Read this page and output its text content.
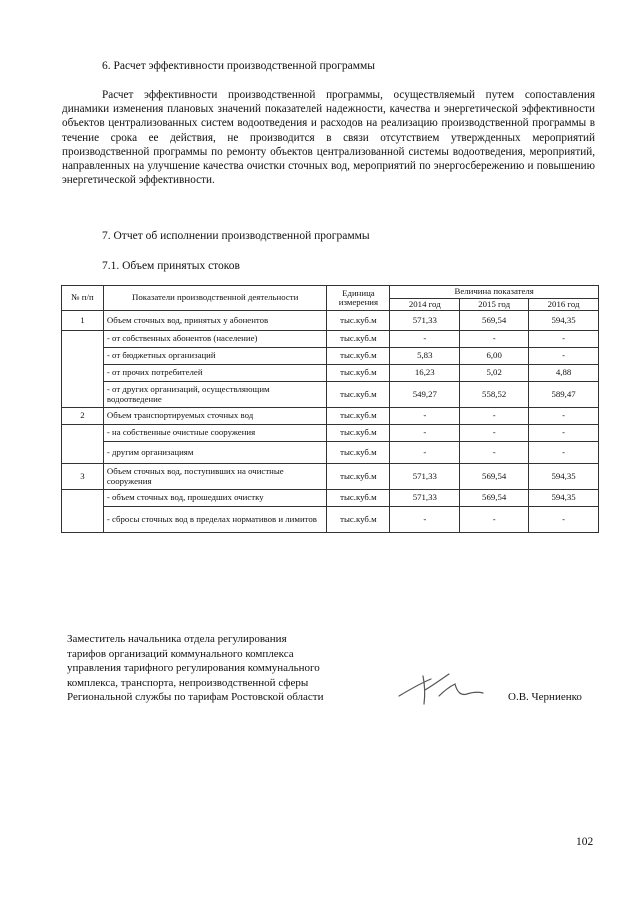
6. Расчет эффективности производственной программы
Расчет эффективности производственной программы, осуществляемый путем сопоставления динамики изменения плановых значений показателей надежности, качества и энергетической эффективности объектов централизованных систем водоотведения и расходов на реализацию производственной программы в течение срока ее действия, не производится в связи отсутствием утвержденных мероприятий производственной программы по ремонту объектов централизованной системы водоотведения, мероприятий, направленных на улучшение качества очистки сточных вод, мероприятий по энергосбережению и повышению энергетической эффективности.
7. Отчет об исполнении производственной программы
7.1. Объем принятых стоков
№ п/п	Показатели производственной деятельности	Единица измерения	Величина показателя		
			2014 год	2015 год	2016 год
1	Объем сточных вод, принятых у абонентов	тыс.куб.м	571,33	569,54	594,35
	- от собственных абонентов (население)	тыс.куб.м	-	-	-
	- от бюджетных организаций	тыс.куб.м	5,83	6,00	-
	- от прочих потребителей	тыс.куб.м	16,23	5,02	4,88
	- от других организаций, осуществляющим водоотведение	тыс.куб.м	549,27	558,52	589,47
2	Объем транспортируемых сточных вод	тыс.куб.м	-	-	-
	- на собственные очистные сооружения	тыс.куб.м	-	-	-
	- другим организациям	тыс.куб.м	-	-	-
3	Объем сточных вод, поступивших на очистные сооружения	тыс.куб.м	571,33	569,54	594,35
	- объем сточных вод, прошедших очистку	тыс.куб.м	571,33	569,54	594,35
	- сбросы сточных вод в пределах нормативов и лимитов	тыс.куб.м	-	-	-
Заместитель начальника отдела регулирования
тарифов организаций коммунального комплекса
управления тарифного регулирования коммунального
комплекса, транспорта, непроизводственной сферы
Региональной службы по тарифам Ростовской области	О.В. Черниенко
102
